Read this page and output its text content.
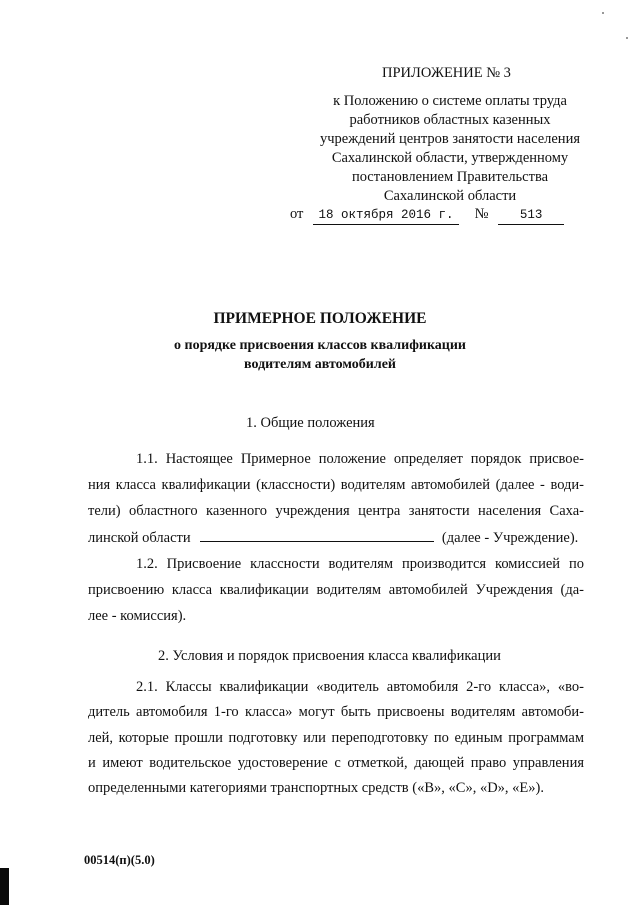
ПРИЛОЖЕНИЕ № 3
к Положению о системе оплаты труда
работников областных казенных
учреждений центров занятости населения
Сахалинской области, утвержденному
постановлением Правительства
Сахалинской области
от 18 октября 2016 г. №	513
ПРИМЕРНОЕ ПОЛОЖЕНИЕ
о порядке присвоения классов квалификации
водителям автомобилей
1. Общие положения
1.1. Настоящее Примерное положение определяет порядок присвое-
ния класса квалификации (классности) водителям автомобилей (далее - води-
тели) областного казенного учреждения центра занятости населения Саха-
линской области	(далее - Учреждение).
1.2. Присвоение классности водителям производится комиссией по
присвоению класса квалификации водителям автомобилей Учреждения (да-
лее - комиссия).
2. Условия и порядок присвоения класса квалификации
2.1. Классы квалификации «водитель автомобиля 2-го класса», «во-
дитель автомобиля 1-го класса» могут быть присвоены водителям автомоби-
лей, которые прошли подготовку или переподготовку по единым программам
и имеют водительское удостоверение с отметкой, дающей право управления
определенными категориями транспортных средств («В», «С», «D», «Е»).
00514(п)(5.0)
